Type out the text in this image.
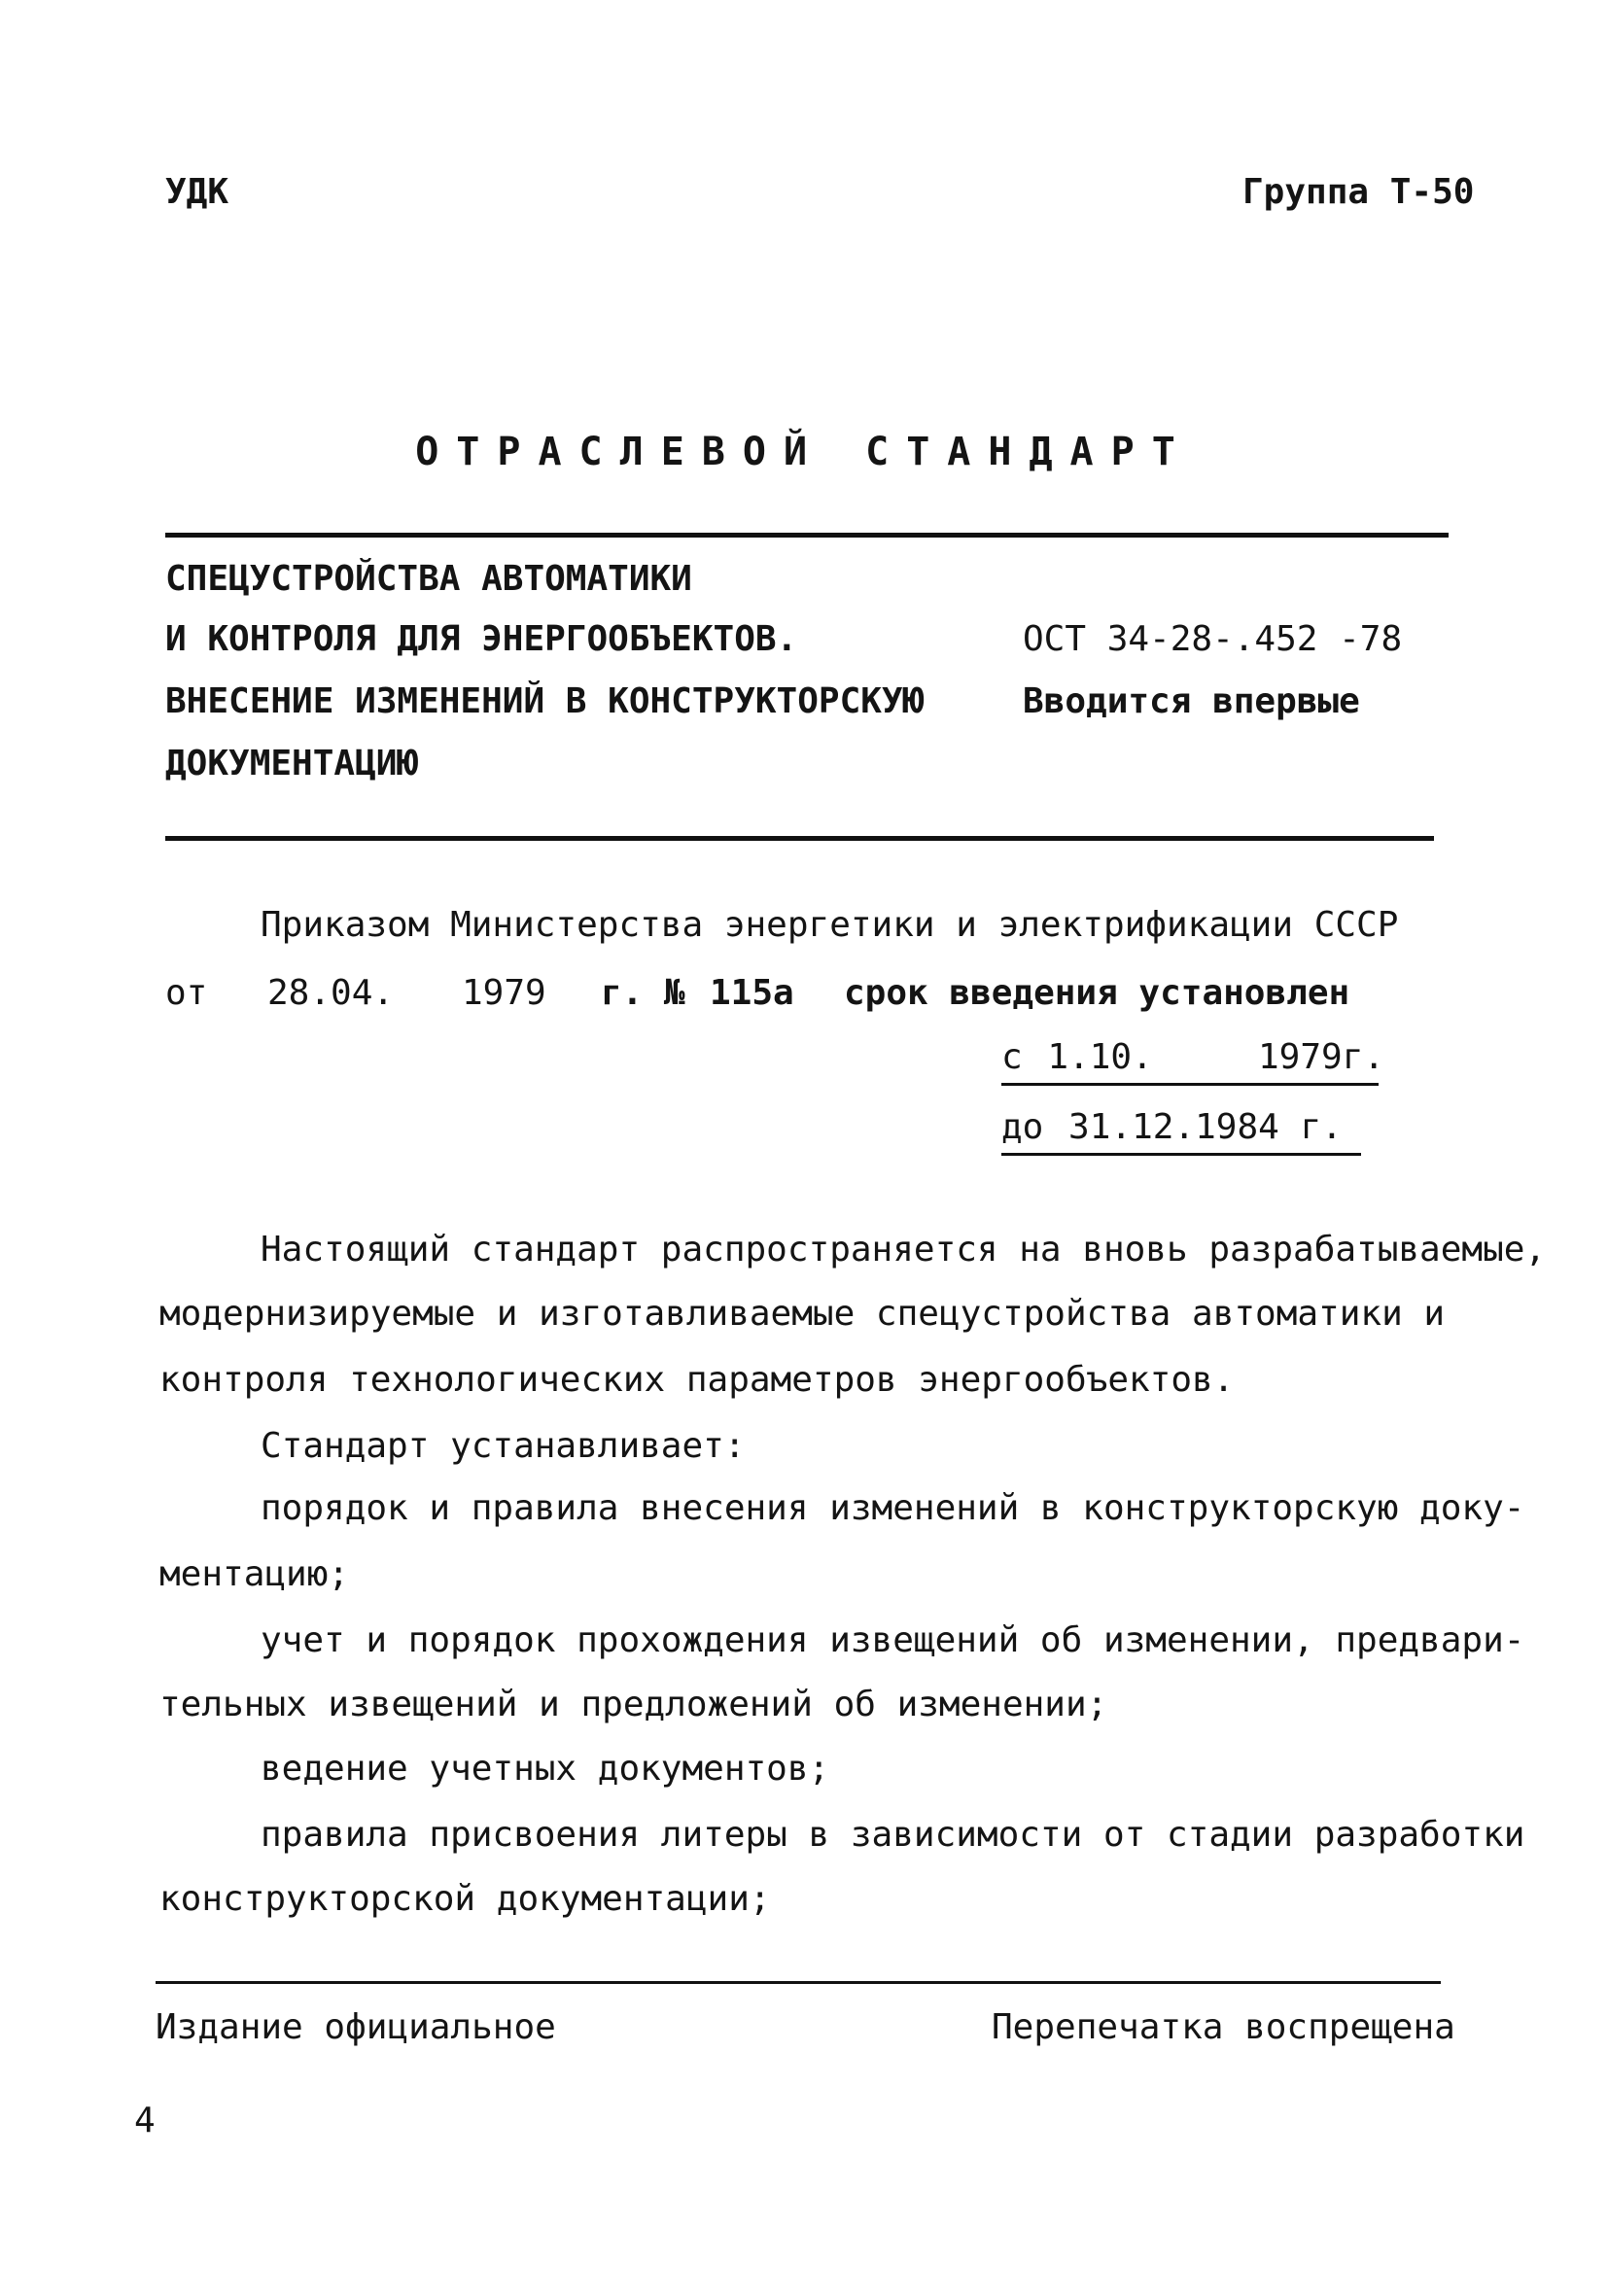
УДК	Группа Т-50
ОТРАСЛЕВОЙ СТАНДАРТ
СПЕЦУСТРОЙСТВА АВТОМАТИКИ
И КОНТРОЛЯ ДЛЯ ЭНЕРГООБЪЕКТОВ.
ВНЕСЕНИЕ ИЗМЕНЕНИЙ В КОНСТРУКТОРСКУЮ
ДОКУМЕНТАЦИЮ
ОСТ 34-28-.452 -78
Вводится впервые
Приказом Министерства энергетики и электрификации СССР
от 28.04. 1979 г. № 115а срок введения установлен
с 1.10.	1979г.
до 31.12.1984 г.
Настоящий стандарт распространяется на вновь разрабатываемые,
модернизируемые и изготавливаемые спецустройства автоматики и
контроля технологических параметров энергообъектов.
Стандарт устанавливает:
порядок и правила внесения изменений в конструкторскую доку-
ментацию;
учет и порядок прохождения извещений об изменении, предвари-
тельных извещений и предложений об изменении;
ведение учетных документов;
правила присвоения литеры в зависимости от стадии разработки
конструкторской документации;
Издание официальное	Перепечатка воспрещена
4
